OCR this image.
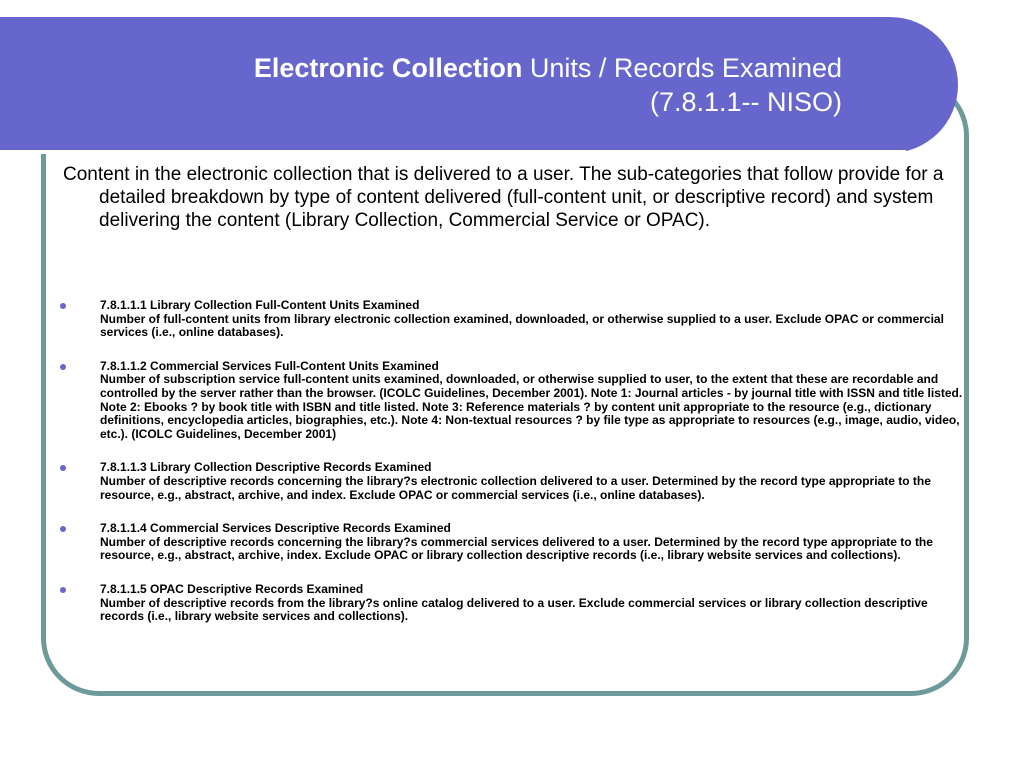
Electronic Collection Units / Records Examined
(7.8.1.1-- NISO)

Content in the electronic collection that is delivered to a user. The sub-categories that follow provide for a detailed breakdown by type of content delivered (full-content unit, or descriptive record) and system delivering the content (Library Collection, Commercial Service or OPAC).

7.8.1.1.1 Library Collection Full-Content Units Examined
Number of full-content units from library electronic collection examined, downloaded, or otherwise supplied to a user. Exclude OPAC or commercial services (i.e., online databases).
7.8.1.1.2 Commercial Services Full-Content Units Examined
Number of subscription service full-content units examined, downloaded, or otherwise supplied to user, to the extent that these are recordable and controlled by the server rather than the browser. (ICOLC Guidelines, December 2001). Note 1: Journal articles - by journal title with ISSN and title listed. Note 2: Ebooks ? by book title with ISBN and title listed. Note 3: Reference materials ? by content unit appropriate to the resource (e.g., dictionary definitions, encyclopedia articles, biographies, etc.). Note 4: Non-textual resources ? by file type as appropriate to resources (e.g., image, audio, video, etc.). (ICOLC Guidelines, December 2001)
7.8.1.1.3 Library Collection Descriptive Records Examined
Number of descriptive records concerning the library?s electronic collection delivered to a user. Determined by the record type appropriate to the resource, e.g., abstract, archive, and index. Exclude OPAC or commercial services (i.e., online databases).
7.8.1.1.4 Commercial Services Descriptive Records Examined
Number of descriptive records concerning the library?s commercial services delivered to a user. Determined by the record type appropriate to the resource, e.g., abstract, archive, index. Exclude OPAC or library collection descriptive records (i.e., library website services and collections).
7.8.1.1.5 OPAC Descriptive Records Examined
Number of descriptive records from the library?s online catalog delivered to a user. Exclude commercial services or library collection descriptive records (i.e., library website services and collections).
